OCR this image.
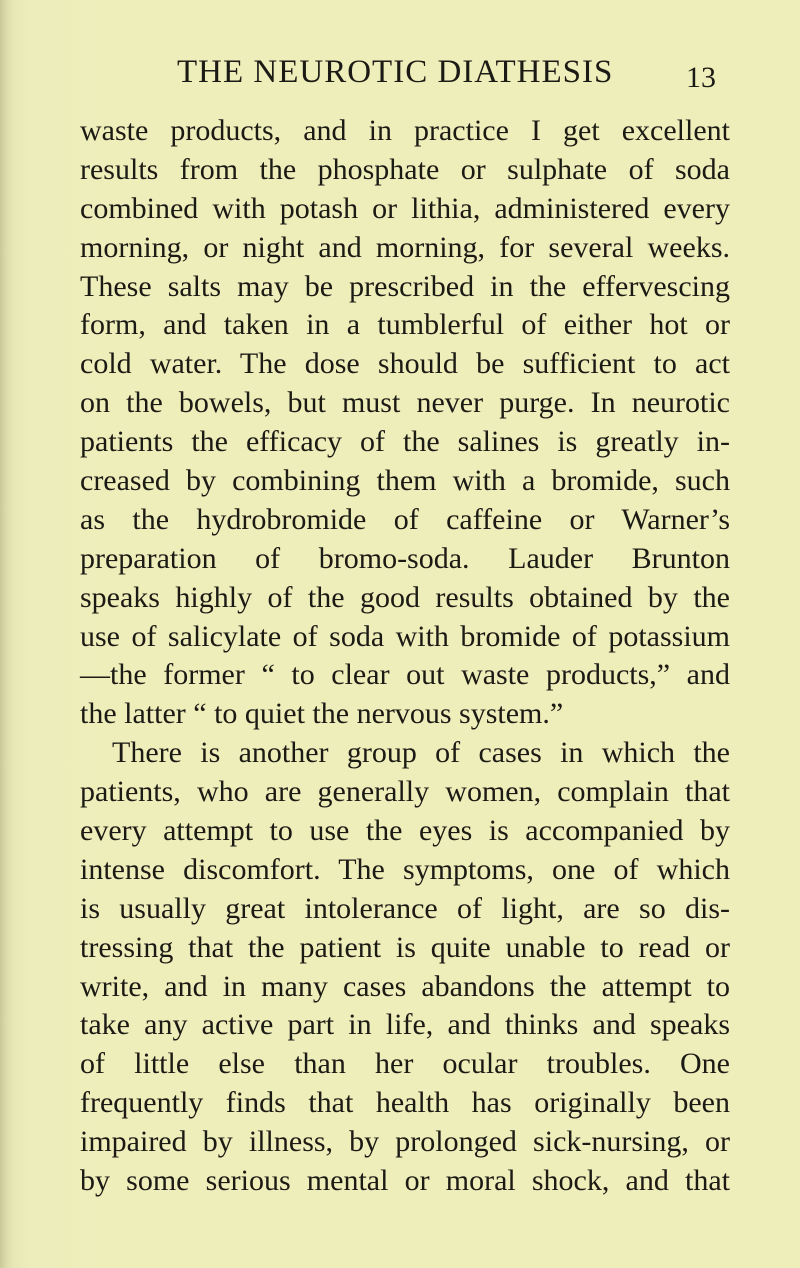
THE NEUROTIC DIATHESIS 13
waste products, and in practice I get excellent
results from the phosphate or sulphate of soda
combined with potash or lithia, administered every
morning, or night and morning, for several weeks.
These salts may be prescribed in the effervescing
form, and taken in a tumblerful of either hot or
cold water. The dose should be sufficient to act
on the bowels, but must never purge. In neurotic
patients the efficacy of the salines is greatly in-
creased by combining them with a bromide, such
as the hydrobromide of caffeine or Warner’s
preparation of bromo-soda. Lauder Brunton
speaks highly of the good results obtained by the
use of salicylate of soda with bromide of potassium
—the former “ to clear out waste products,” and
the latter “ to quiet the nervous system.”
There is another group of cases in which the
patients, who are generally women, complain that
every attempt to use the eyes is accompanied by
intense discomfort. The symptoms, one of which
is usually great intolerance of light, are so dis-
tressing that the patient is quite unable to read or
write, and in many cases abandons the attempt to
take any active part in life, and thinks and speaks
of little else than her ocular troubles. One
frequently finds that health has originally been
impaired by illness, by prolonged sick-nursing, or
by some serious mental or moral shock, and that
